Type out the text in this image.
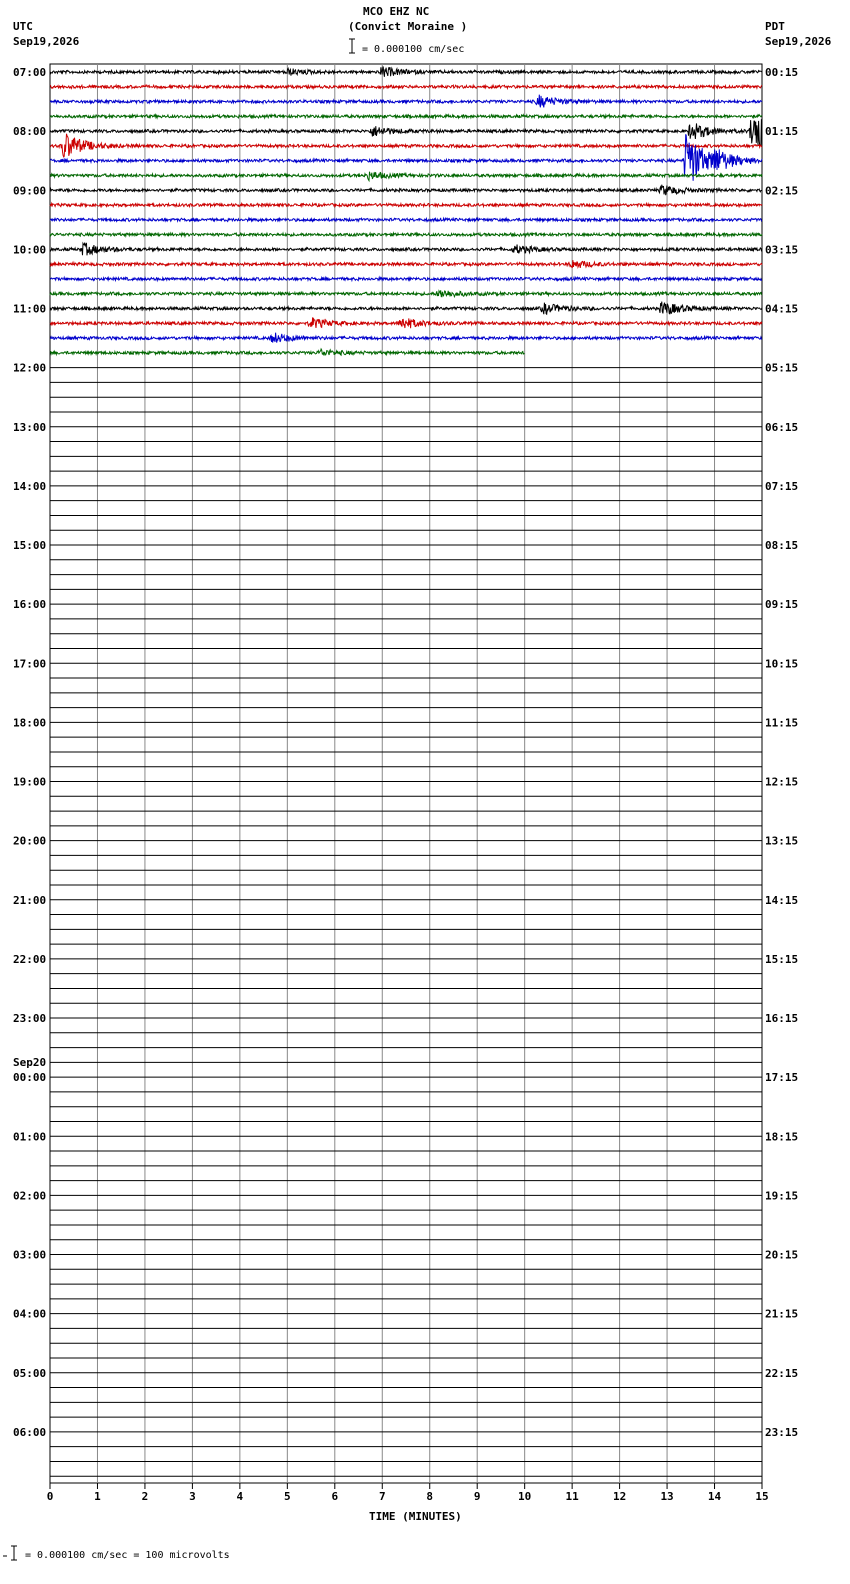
MCO EHZ NC
(Convict Moraine )
UTC
Sep19,2026
PDT
Sep19,2026
= 0.000100 cm/sec
TIME (MINUTES)
= 0.000100 cm/sec = 100 microvolts
0	1	2	3	4	5	6	7	8	9	10	11	12	13	14	15
07:00
08:00
09:00
10:00
11:00
12:00
13:00
14:00
15:00
16:00
17:00
18:00
19:00
20:00
21:00
22:00
23:00
00:00
Sep20
01:00
02:00
03:00
04:00
05:00
06:00
00:15
01:15
02:15
03:15
04:15
05:15
06:15
07:15
08:15
09:15
10:15
11:15
12:15
13:15
14:15
15:15
16:15
17:15
18:15
19:15
20:15
21:15
22:15
23:15
